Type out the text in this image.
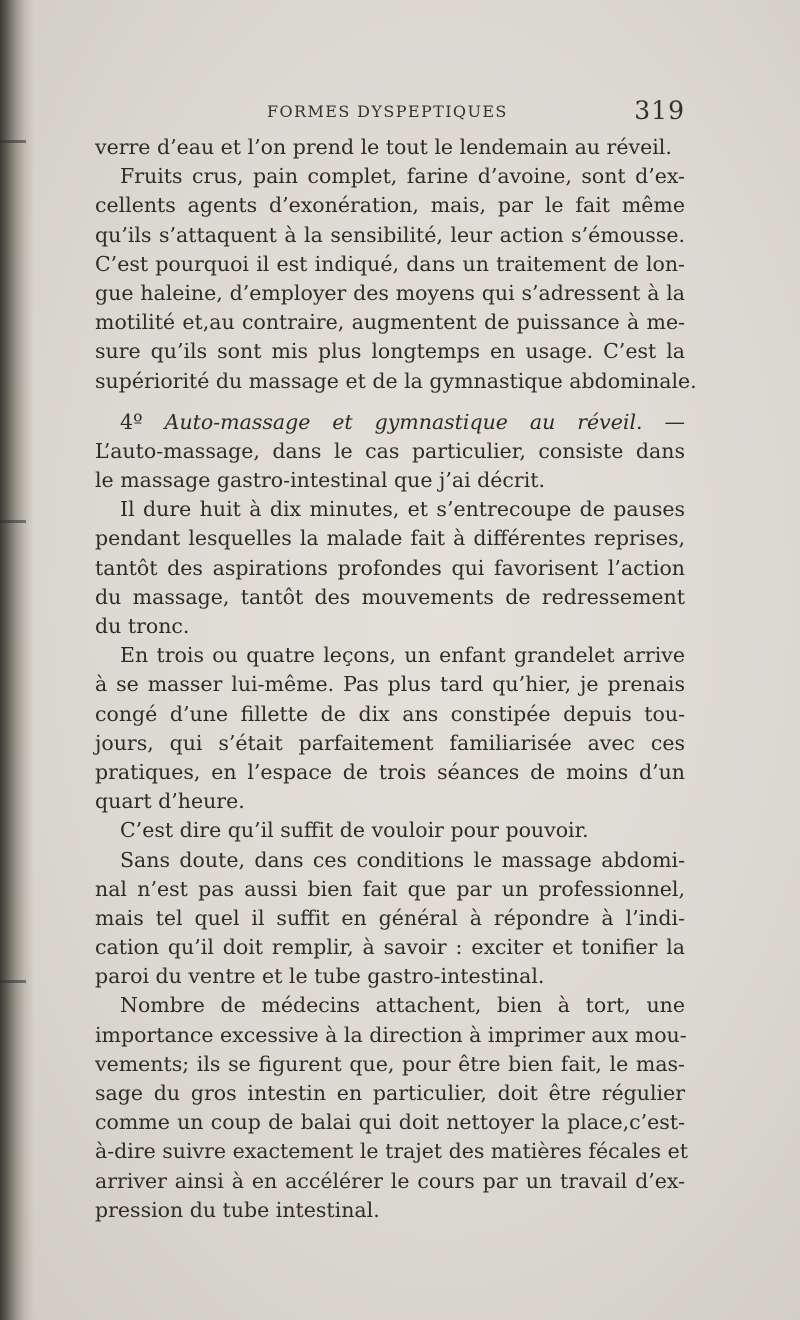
FORMES DYSPEPTIQUES	319
verre d’eau et l’on prend le tout le lendemain au réveil.
Fruits crus, pain complet, farine d’avoine, sont d’ex-
cellents agents d’exonération, mais, par le fait même
qu’ils s’attaquent à la sensibilité, leur action s’émousse.
C’est pourquoi il est indiqué, dans un traitement de lon-
gue haleine, d’employer des moyens qui s’adressent à la
motilité et,au contraire, augmentent de puissance à me-
sure qu’ils sont mis plus longtemps en usage. C’est la
supériorité du massage et de la gymnastique abdominale.
4º Auto-massage et gymnastique au réveil. —
L’auto-massage, dans le cas particulier, consiste dans
le massage gastro-intestinal que j’ai décrit.
Il dure huit à dix minutes, et s’entrecoupe de pauses
pendant lesquelles la malade fait à différentes reprises,
tantôt des aspirations profondes qui favorisent l’action
du massage, tantôt des mouvements de redressement
du tronc.
En trois ou quatre leçons, un enfant grandelet arrive
à se masser lui-même. Pas plus tard qu’hier, je prenais
congé d’une fillette de dix ans constipée depuis tou-
jours, qui s’était parfaitement familiarisée avec ces
pratiques, en l’espace de trois séances de moins d’un
quart d’heure.
C’est dire qu’il suffit de vouloir pour pouvoir.
Sans doute, dans ces conditions le massage abdomi-
nal n’est pas aussi bien fait que par un professionnel,
mais tel quel il suffit en général à répondre à l’indi-
cation qu’il doit remplir, à savoir : exciter et tonifier la
paroi du ventre et le tube gastro-intestinal.
Nombre de médecins attachent, bien à tort, une
importance excessive à la direction à imprimer aux mou-
vements; ils se figurent que, pour être bien fait, le mas-
sage du gros intestin en particulier, doit être régulier
comme un coup de balai qui doit nettoyer la place,c’est-
à-dire suivre exactement le trajet des matières fécales et
arriver ainsi à en accélérer le cours par un travail d’ex-
pression du tube intestinal.
